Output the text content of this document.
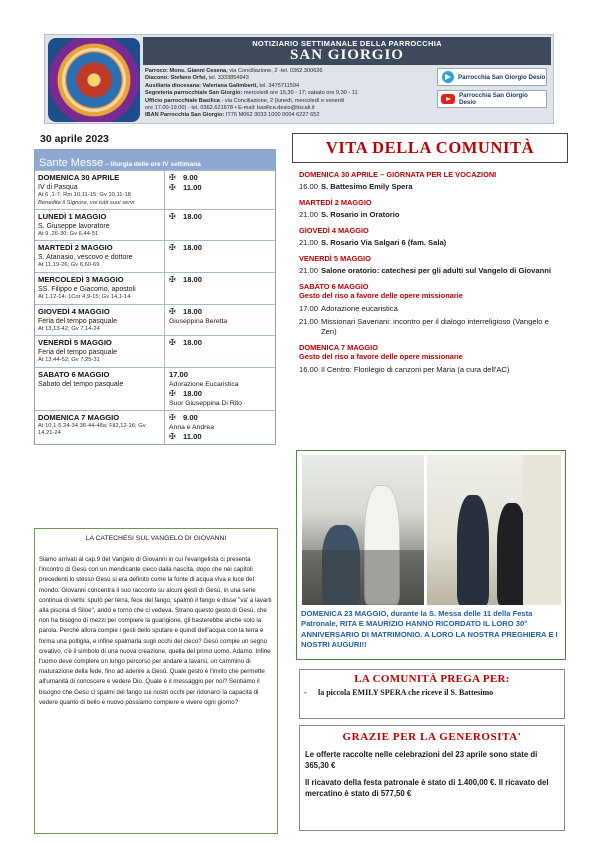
NOTIZIARIO SETTIMANALE DELLA PARROCCHIA
SAN GIORGIO
Parroco: Mons. Gianni Cesena, via Conciliazione, 2 -tel. 0362.300626
Diacono: Stefano Orfei, tel. 3333854943
Ausiliaria diocesana: Valeriana Galimberti, tel. 3475711594
Segreteria parrocchiale San Giorgio: mercoledì ore 15,30 - 17; sabato ore 9,30 - 11
Ufficio parrocchiale Basilica - via Conciliazione, 2 (lunedì, mercoledì e venerdì
ore 17.00-19.00) - tel. 0362.621678 • E-mail: basilica.desio@tiscali.it
IBAN Parrocchia San Giorgio: IT76 M062 3033 1000 0004 6227 652
Parrocchia San Giorgio Desio
Parrocchia San Giorgio Desio
30 aprile 2023
Sante Messe – liturgia delle ore IV settimana
DOMENICA 30 APRILE
IV di Pasqua
At 6 ,1-7; Rm 10,11-15; Gv 10,11-18
Benedite il Signore, voi tutti suoi servi
✠ 9.00
✠ 11.00
LUNEDÌ 1 MAGGIO
S. Giuseppe lavoratore
At 9 ,26-30; Gv 6,44-51
✠ 18.00
MARTEDÌ 2 MAGGIO
S. Atanasio, vescovo e dottore
At 11,19-26; Gv 6,60-69
✠ 18.00
MERCOLEDÌ 3 MAGGIO
SS. Filippo e Giacomo, apostoli
At 1,12-14; 1Cor 4,9-15; Gv 14,1-14
✠ 18.00
GIOVEDÌ 4 MAGGIO
Feria del tempo pasquale
At 13,13-42; Gv 7,14-24
✠ 18.00
Giuseppina Beretta
VENERDÌ 5 MAGGIO
Feria del tempo pasquale
At 13,44-52; Gv 7,25-31
✠ 18.00
SABATO 6 MAGGIO
Sabato del tempo pasquale
17.00
Adorazione Eucaristica
✠ 18.00
Suor Giuseppina Di Rito
DOMENICA 7 MAGGIO
At 10,1-5.24-34.36-44-48a; Fil2,12-16; Gv 14,21-24
✠ 9.00
Anna e Andrea
✠ 11.00
LA CATECHESI SUL VANGELO DI GIOVANNI
Siamo arrivati al cap.9 del Vangelo di Giovanni in cui l'evangelista ci presenta l'incontro di Gesù con un mendicante cieco dalla nascita, dopo che nei capitoli precedenti lo stesso Gesù si era definito come la fonte di acqua viva e luce del mondo. Giovanni concentra il suo racconto su alcuni gesti di Gesù, in una serie continua di verbi: sputò per terra, fece del fango, spalmò il fango e disse "va' a lavarti alla piscina di Siloe", andò e tornò che ci vedeva. Strano questo gesto di Gesù, che non ha bisogno di mezzi per compiere la guarigione, gli basterebbe anche solo la parola. Perché allora compie i gesti dello sputare e quindi dell'acqua con la terra e forma una poltiglia, e infine spalmarla sugli occhi del cieco? Gesù compie un segno creativo, c'è il simbolo di una nuova creazione, quella del primo uomo, Adamo. Infine l'uomo deve compiere un lungo percorso per andare a lavarsi, un cammino di maturazione della fede, fino ad aderire a Gesù. Quale gesto è l'invito che permette all'umanità di conoscere e vedere Dio. Quale è il messaggio per noi? Sentiamo il bisogno che Gesù ci spalmi del fango sui nostri occhi per ridonarci la capacità di vedere quanto di bello e nuovo possiamo compiere e vivere ogni giorno?
VITA DELLA COMUNITÀ
DOMENICA 30 APRILE – GIORNATA PER LE VOCAZIONI
16.00 S. Battesimo Emily Spera
MARTEDÌ 2 MAGGIO
21.00 S. Rosario in Oratorio
GIOVEDÌ 4 MAGGIO
21.00 S. Rosario Via Salgari 6 (fam. Sala)
VENERDÌ 5 MAGGIO
21.00 Salone oratorio: catechesi per gli adulti sul Vangelo di Giovanni
SABATO 6 MAGGIO
Gesto del riso a favore delle opere missionarie
17.00 Adorazione eucaristica
21.00 Missionari Saveriani: incontro per il dialogo interreligioso (Vangelo e Zen)
DOMENICA 7 MAGGIO
Gesto del riso a favore delle opere missionarie
16.00 Il Centro: Florilegio di canzoni per Maria (a cura dell'AC)
DOMENICA 23 MAGGIO, durante la S. Messa delle 11 della Festa Patronale, RITA E MAURIZIO HANNO RICORDATO IL LORO 30° ANNIVERSARIO DI MATRIMONIO. A LORO LA NOSTRA PREGHIERA E I NOSTRI AUGURI!!
LA COMUNITÀ PREGA PER:
-	la piccola EMILY SPERA che riceve il S. Battesimo
GRAZIE PER LA GENEROSITA'
Le offerte raccolte nelle celebrazioni del 23 aprile sono state di 365,30 €
Il ricavato della festa patronale è stato di 1.400,00 €. Il ricavato del mercatino è stato di 577,50 €
